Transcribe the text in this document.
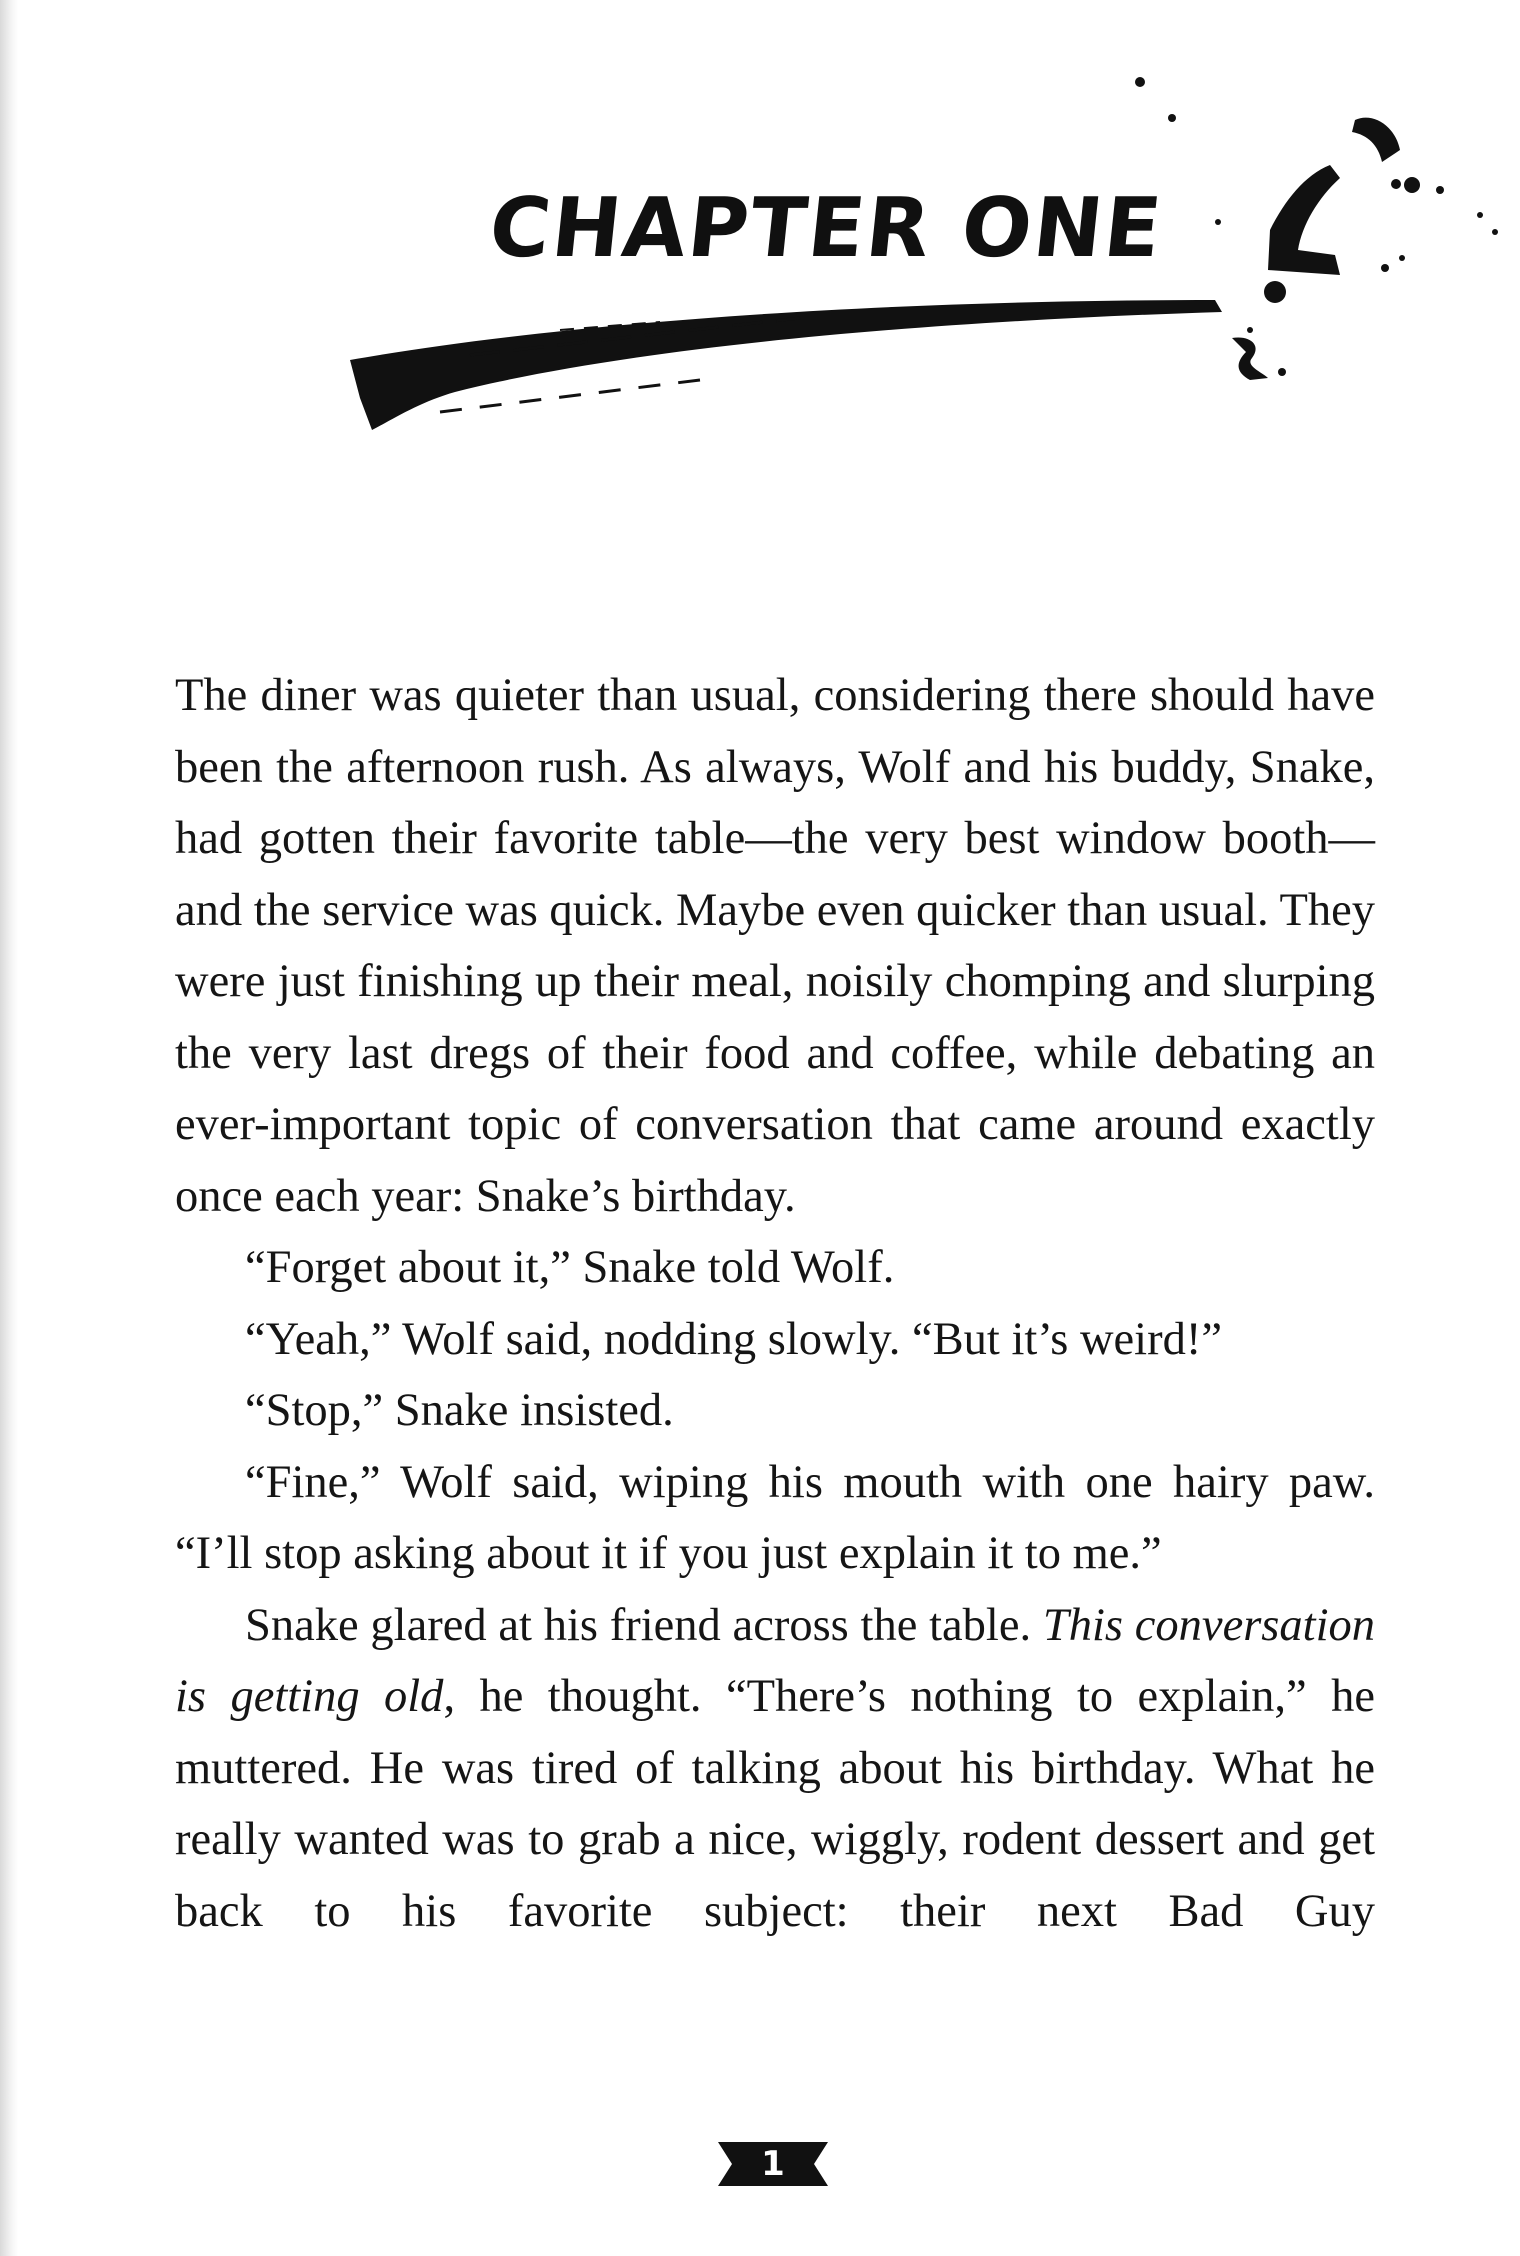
CHAPTER ONE

The diner was quieter than usual, considering there should have been the afternoon rush. As always, Wolf and his buddy, Snake, had gotten their favorite table—the very best window booth—and the service was quick. Maybe even quicker than usual. They were just finishing up their meal, noisily chomping and slurping the very last dregs of their food and coffee, while debating an ever-important topic of conversation that came around exactly once each year: Snake’s birthday.

“Forget about it,” Snake told Wolf.

“Yeah,” Wolf said, nodding slowly. “But it’s weird!”

“Stop,” Snake insisted.

“Fine,” Wolf said, wiping his mouth with one hairy paw. “I’ll stop asking about it if you just explain it to me.”

Snake glared at his friend across the table. This conversation is getting old, he thought. “There’s nothing to explain,” he muttered. He was tired of talking about his birthday. What he really wanted was to grab a nice, wiggly, rodent dessert and get back to his favorite subject: their next Bad Guy

1
